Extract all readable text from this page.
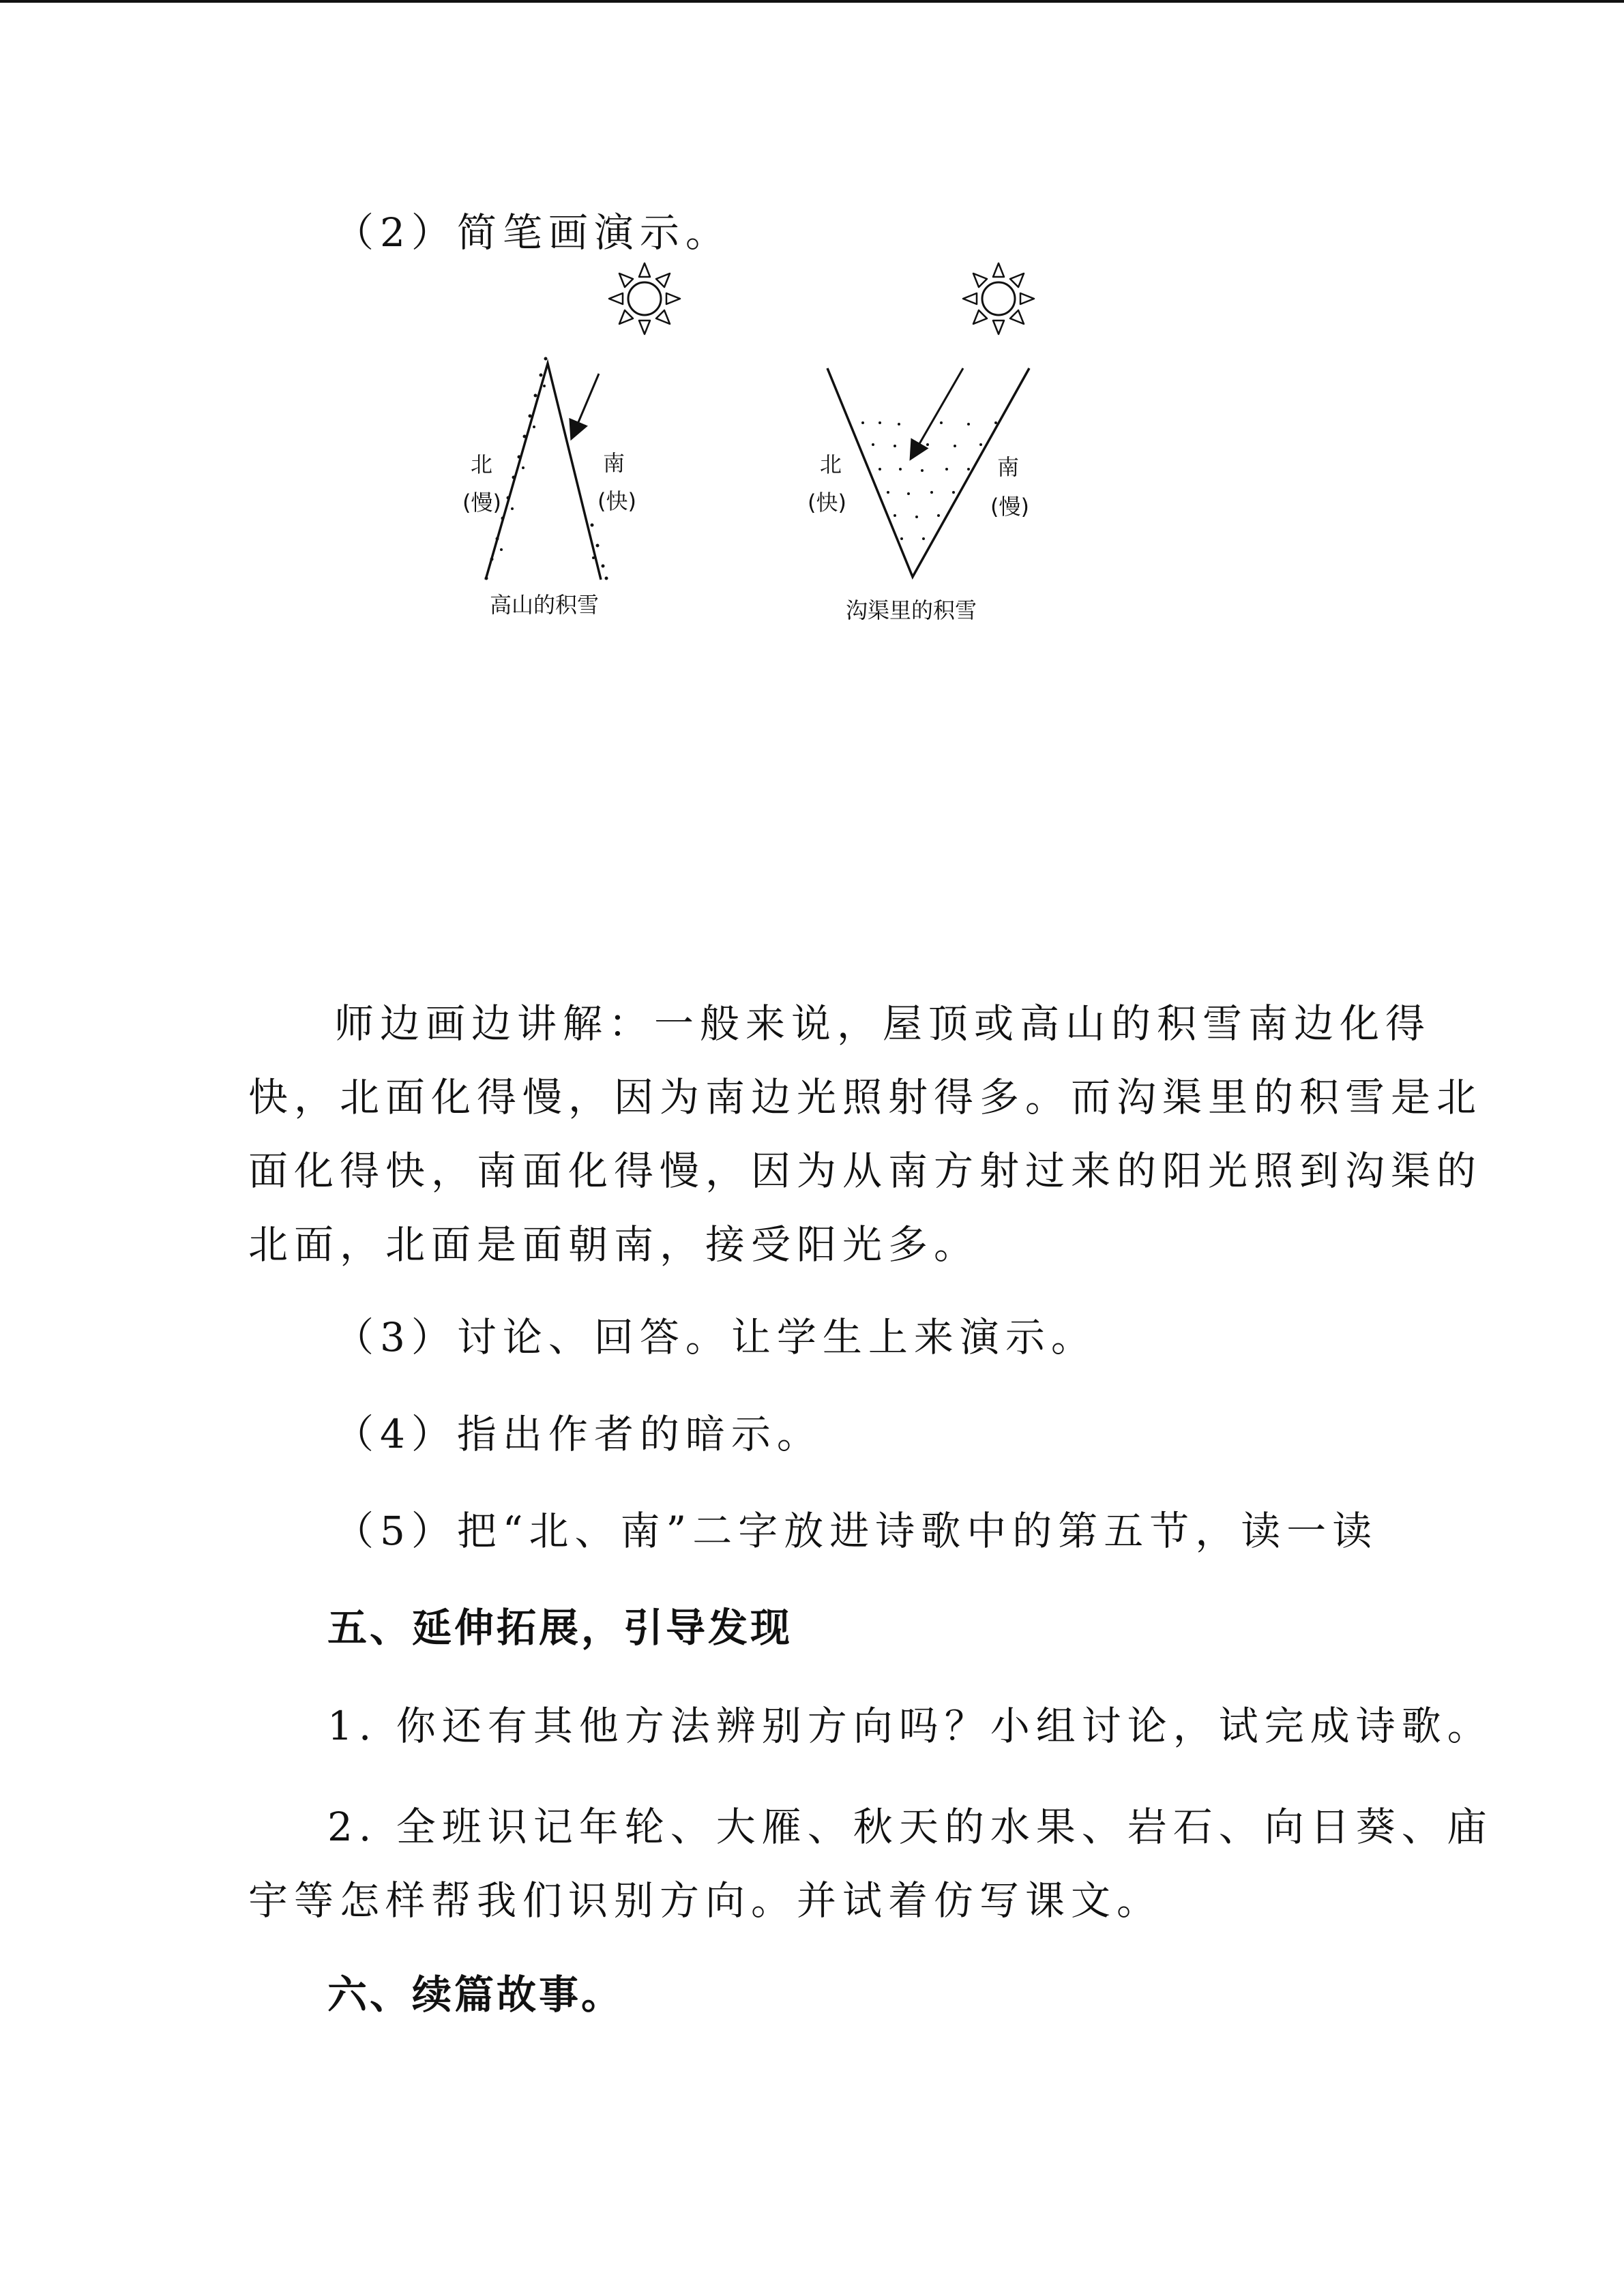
（2）简笔画演示。
北
(慢)
南
(快)
高山的积雪
北
(快)
南
(慢)
沟渠里的积雪
师边画边讲解：一般来说，屋顶或高山的积雪南边化得
快，北面化得慢，因为南边光照射得多。而沟渠里的积雪是北
面化得快，南面化得慢，因为从南方射过来的阳光照到沟渠的
北面，北面是面朝南，接受阳光多。
（3）讨论、回答。让学生上来演示。
（4）指出作者的暗示。
（5）把“北、南”二字放进诗歌中的第五节，读一读
五、延伸拓展，引导发现
1. 你还有其他方法辨别方向吗？小组讨论，试完成诗歌。
2. 全班识记年轮、大雁、秋天的水果、岩石、向日葵、庙
宇等怎样帮我们识别方向。并试着仿写课文。
六、续篇故事。
